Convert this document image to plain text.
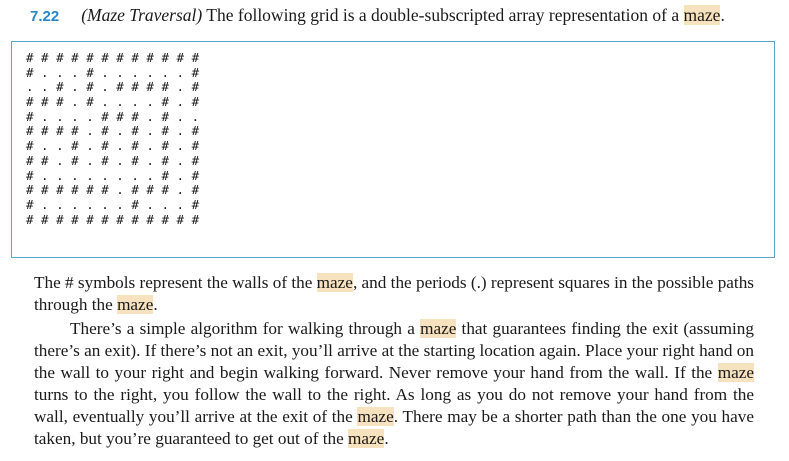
7.22 (Maze Traversal) The following grid is a double-subscripted array representation of a maze.
# # # # # # # # # # # #
# . . . # . . . . . . #
. . # . # . # # # # . #
# # # . # . . . . # . #
# . . . . # # # . # . .
# # # # . # . # . # . #
# . . # . # . # . # . #
# # . # . # . # . # . #
# . . . . . . . . # . #
# # # # # # . # # # . #
# . . . . . . # . . . #
# # # # # # # # # # # #

The # symbols represent the walls of the maze, and the periods (.) represent squares in the possible paths through the maze.

There’s a simple algorithm for walking through a maze that guarantees finding the exit (assuming there’s an exit). If there’s not an exit, you’ll arrive at the starting location again. Place your right hand on the wall to your right and begin walking forward. Never remove your hand from the wall. If the maze turns to the right, you follow the wall to the right. As long as you do not remove your hand from the wall, eventually you’ll arrive at the exit of the maze. There may be a shorter path than the one you have taken, but you’re guaranteed to get out of the maze.
